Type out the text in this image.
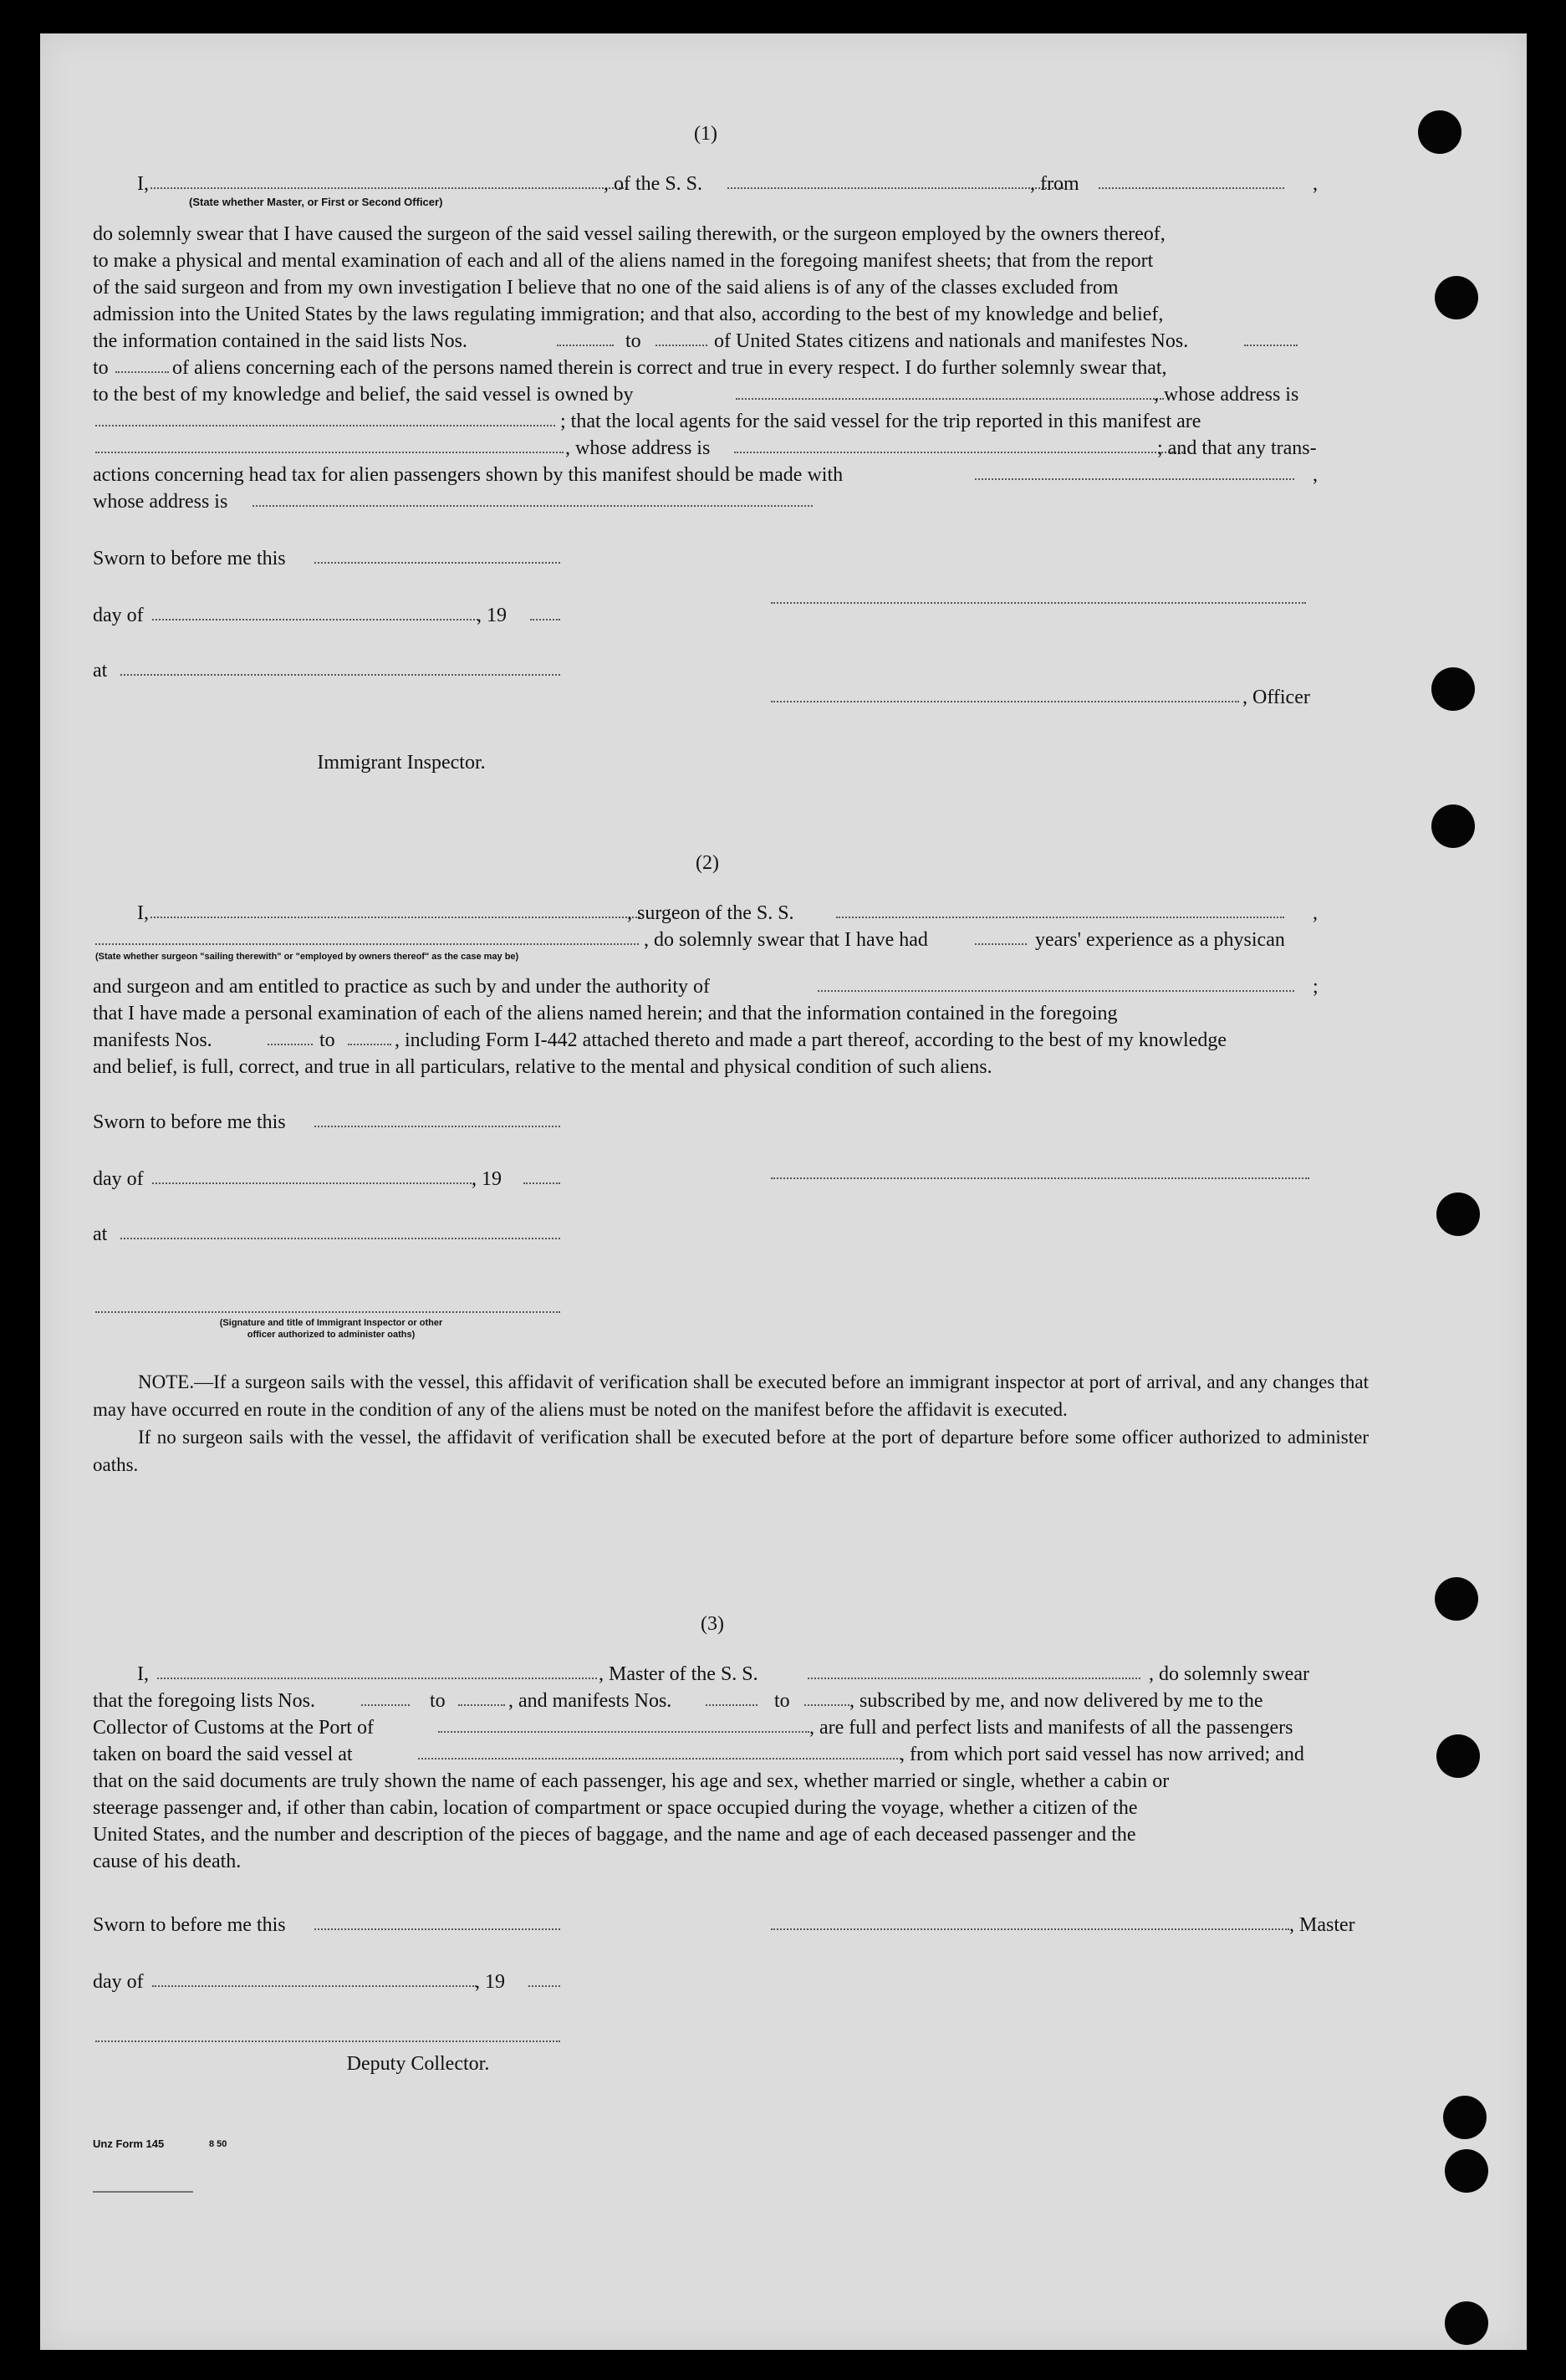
(1)
I,	, of the S. S.	, from	,
(State whether Master, or First or Second Officer)
do solemnly swear that I have caused the surgeon of the said vessel sailing therewith, or the surgeon employed by the owners thereof,
to make a physical and mental examination of each and all of the aliens named in the foregoing manifest sheets; that from the report
of the said surgeon and from my own investigation I believe that no one of the said aliens is of any of the classes excluded from
admission into the United States by the laws regulating immigration; and that also, according to the best of my knowledge and belief,
the information contained in the said lists Nos.	to	of United States citizens and nationals and manifestes Nos.
to	of aliens concerning each of the persons named therein is correct and true in every respect. I do further solemnly swear that,
to the best of my knowledge and belief, the said vessel is owned by	, whose address is
; that the local agents for the said vessel for the trip reported in this manifest are
, whose address is	; and that any trans-
actions concerning head tax for alien passengers shown by this manifest should be made with	,
whose address is
Sworn to before me this
day of	, 19
at
, Officer
Immigrant Inspector.
(2)
I,	, surgeon of the S. S.	,
, do solemnly swear that I have had	years' experience as a physican
(State whether surgeon "sailing therewith" or "employed by owners thereof" as the case may be)
and surgeon and am entitled to practice as such by and under the authority of	;
that I have made a personal examination of each of the aliens named herein; and that the information contained in the foregoing
manifests Nos.	to	, including Form I-442 attached thereto and made a part thereof, according to the best of my knowledge
and belief, is full, correct, and true in all particulars, relative to the mental and physical condition of such aliens.
Sworn to before me this
day of	, 19
at
(Signature and title of Immigrant Inspector or other
officer authorized to administer oaths)

NOTE.—If a surgeon sails with the vessel, this affidavit of verification shall be executed before an immigrant inspector at port of arrival, and any changes that may have occurred en route in the condition of any of the aliens must be noted on the manifest before the affidavit is executed.

If no surgeon sails with the vessel, the affidavit of verification shall be executed before at the port of departure before some officer authorized to administer oaths.

(3)
I,	, Master of the S. S.	, do solemnly swear
that the foregoing lists Nos.	to	, and manifests Nos.	to	, subscribed by me, and now delivered by me to the
Collector of Customs at the Port of	, are full and perfect lists and manifests of all the passengers
taken on board the said vessel at	, from which port said vessel has now arrived; and
that on the said documents are truly shown the name of each passenger, his age and sex, whether married or single, whether a cabin or
steerage passenger and, if other than cabin, location of compartment or space occupied during the voyage, whether a citizen of the
United States, and the number and description of the pieces of baggage, and the name and age of each deceased passenger and the
cause of his death.
Sworn to before me this	, Master
day of	, 19
Deputy Collector.
Unz Form 145	8 50
